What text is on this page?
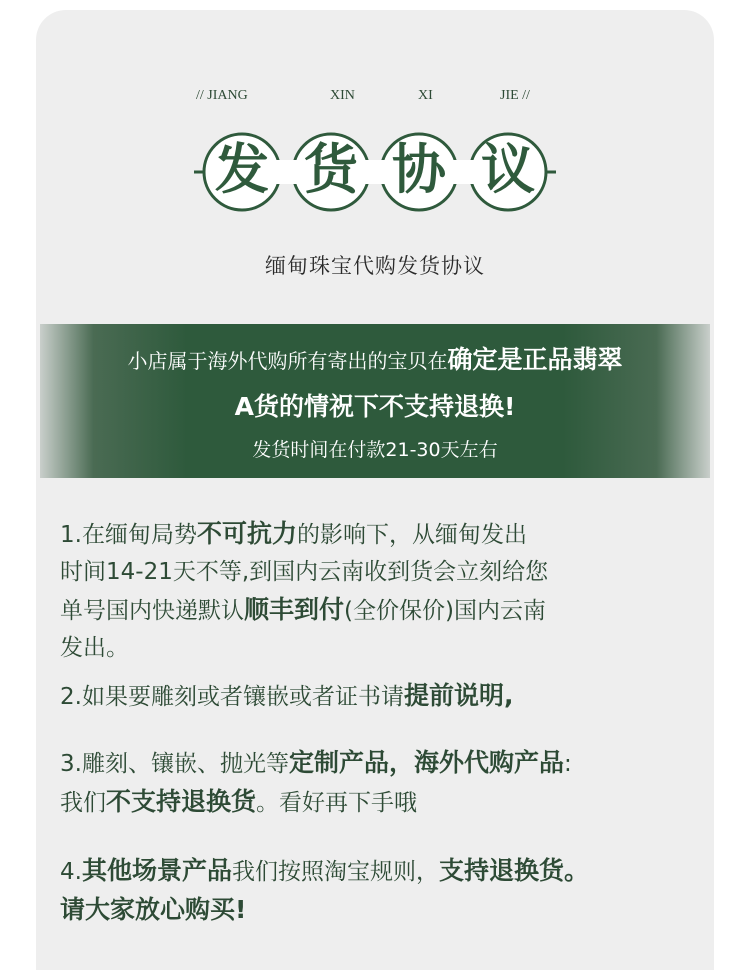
// JIANG	XIN	XI	JIE //
发 货 协 议
缅甸珠宝代购发货协议
小店属于海外代购所有寄出的宝贝在确定是正品翡翠
A货的情祝下不支持退换!
发货时间在付款21-30天左右
1.在缅甸局势不可抗力的影响下，从缅甸发出
时间14-21天不等,到国内云南收到货会立刻给您
单号国内快递默认顺丰到付(全价保价)国内云南
发出。
2.如果要雕刻或者镶嵌或者证书请提前说明,
3.雕刻、镶嵌、抛光等定制产品，海外代购产品:
我们不支持退换货。看好再下手哦
4.其他场景产品我们按照淘宝规则，支持退换货。
请大家放心购买!
